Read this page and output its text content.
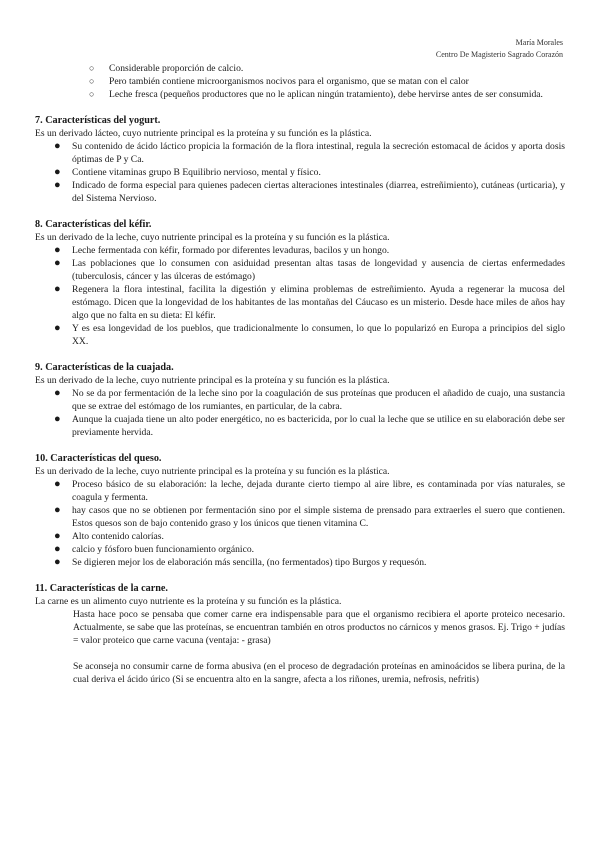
María Morales
Centro De Magisterio Sagrado Corazón
○ Considerable proporción de calcio.
○ Pero también contiene microorganismos nocivos para el organismo, que se matan con el calor
○ Leche fresca (pequeños productores que no le aplican ningún tratamiento), debe hervirse antes de ser consumida.
7. Características del yogurt.
Es un derivado lácteo, cuyo nutriente principal es la proteína y su función es la plástica.
● Su contenido de ácido láctico propicia la formación de la flora intestinal, regula la secreción estomacal de ácidos y aporta dosis óptimas de P y Ca.
● Contiene vitaminas grupo B Equilibrio nervioso, mental y físico.
● Indicado de forma especial para quienes padecen ciertas alteraciones intestinales (diarrea, estreñimiento), cutáneas (urticaria), y del Sistema Nervioso.
8. Características del kéfir.
Es un derivado de la leche, cuyo nutriente principal es la proteína y su función es la plástica.
● Leche fermentada con kéfir, formado por diferentes levaduras, bacilos y un hongo.
● Las poblaciones que lo consumen con asiduidad presentan altas tasas de longevidad y ausencia de ciertas enfermedades (tuberculosis, cáncer y las úlceras de estómago)
● Regenera la flora intestinal, facilita la digestión y elimina problemas de estreñimiento. Ayuda a regenerar la mucosa del estómago. Dicen que la longevidad de los habitantes de las montañas del Cáucaso es un misterio. Desde hace miles de años hay algo que no falta en su dieta: El kéfir.
● Y es esa longevidad de los pueblos, que tradicionalmente lo consumen, lo que lo popularizó en Europa a principios del siglo XX.
9. Características de la cuajada.
Es un derivado de la leche, cuyo nutriente principal es la proteína y su función es la plástica.
● No se da por fermentación de la leche sino por la coagulación de sus proteínas que producen el añadido de cuajo, una sustancia que se extrae del estómago de los rumiantes, en particular, de la cabra.
● Aunque la cuajada tiene un alto poder energético, no es bactericida, por lo cual la leche que se utilice en su elaboración debe ser previamente hervida.
10. Características del queso.
Es un derivado de la leche, cuyo nutriente principal es la proteína y su función es la plástica.
● Proceso básico de su elaboración: la leche, dejada durante cierto tiempo al aire libre, es contaminada por vías naturales, se coagula y fermenta.
● hay casos que no se obtienen por fermentación sino por el simple sistema de prensado para extraerles el suero que contienen. Estos quesos son de bajo contenido graso y los únicos que tienen vitamina C.
● Alto contenido calorías.
● calcio y fósforo buen funcionamiento orgánico.
● Se digieren mejor los de elaboración más sencilla, (no fermentados) tipo Burgos y requesón.
11. Características de la carne.
La carne es un alimento cuyo nutriente es la proteína y su función es la plástica.
Hasta hace poco se pensaba que comer carne era indispensable para que el organismo recibiera el aporte proteico necesario. Actualmente, se sabe que las proteínas, se encuentran también en otros productos no cárnicos y menos grasos. Ej. Trigo + judías = valor proteico que carne vacuna (ventaja: - grasa)
Se aconseja no consumir carne de forma abusiva (en el proceso de degradación proteínas en aminoácidos se libera purina, de la cual deriva el ácido úrico (Si se encuentra alto en la sangre, afecta a los riñones, uremia, nefrosis, nefritis)
